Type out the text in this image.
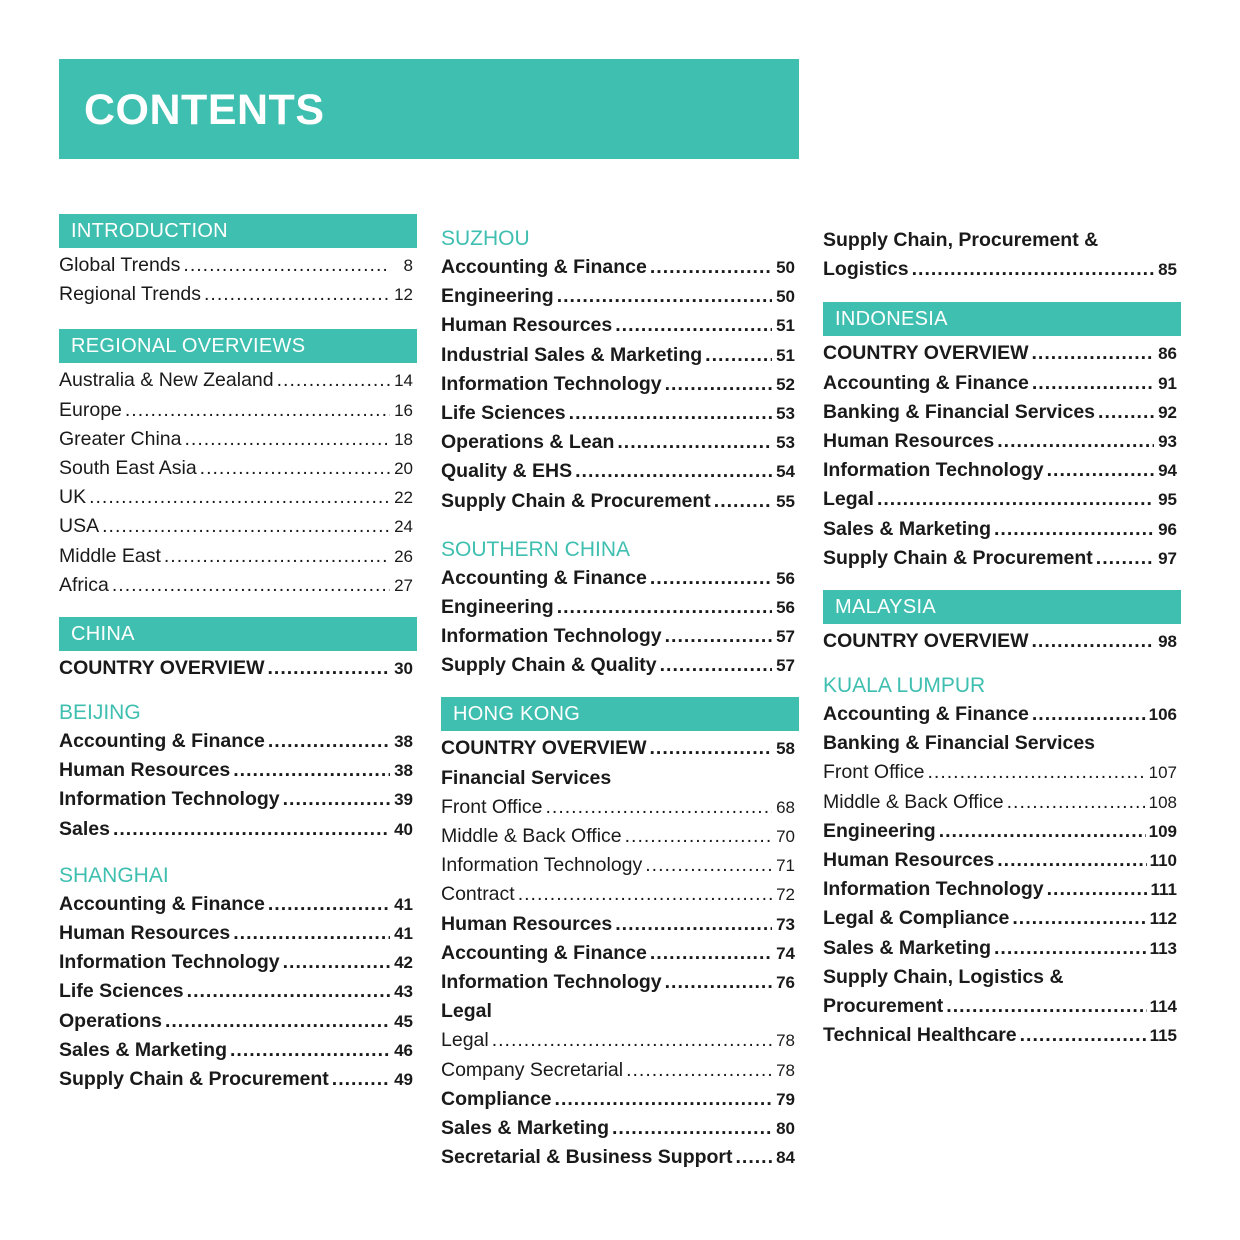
CONTENTS
INTRODUCTION
Global Trends .....	8
Regional Trends .....	12
REGIONAL OVERVIEWS
Australia & New Zealand .....	14
Europe .....	16
Greater China .....	18
South East Asia .....	20
UK .....	22
USA .....	24
Middle East .....	26
Africa .....	27
CHINA
COUNTRY OVERVIEW .....	30
BEIJING
Accounting & Finance .....	38
Human Resources .....	38
Information Technology .....	39
Sales .....	40
SHANGHAI
Accounting & Finance .....	41
Human Resources .....	41
Information Technology .....	42
Life Sciences .....	43
Operations .....	45
Sales & Marketing .....	46
Supply Chain & Procurement .....	49
SUZHOU
Accounting & Finance .....	50
Engineering .....	50
Human Resources .....	51
Industrial Sales & Marketing .....	51
Information Technology .....	52
Life Sciences .....	53
Operations & Lean .....	53
Quality & EHS .....	54
Supply Chain & Procurement .....	55
SOUTHERN CHINA
Accounting & Finance .....	56
Engineering .....	56
Information Technology .....	57
Supply Chain & Quality .....	57
HONG KONG
COUNTRY OVERVIEW .....	58
Financial Services
Front Office .....	68
Middle & Back Office .....	70
Information Technology .....	71
Contract .....	72
Human Resources .....	73
Accounting & Finance .....	74
Information Technology .....	76
Legal
Legal .....	78
Company Secretarial .....	78
Compliance .....	79
Sales & Marketing .....	80
Secretarial & Business Support .....	84
Supply Chain, Procurement &
Logistics .....	85
INDONESIA
COUNTRY OVERVIEW .....	86
Accounting & Finance .....	91
Banking & Financial Services .....	92
Human Resources .....	93
Information Technology .....	94
Legal .....	95
Sales & Marketing .....	96
Supply Chain & Procurement .....	97
MALAYSIA
COUNTRY OVERVIEW .....	98
KUALA LUMPUR
Accounting & Finance .....	106
Banking & Financial Services
Front Office .....	107
Middle & Back Office .....	108
Engineering .....	109
Human Resources .....	110
Information Technology .....	111
Legal & Compliance .....	112
Sales & Marketing .....	113
Supply Chain, Logistics &
Procurement .....	114
Technical Healthcare .....	115
